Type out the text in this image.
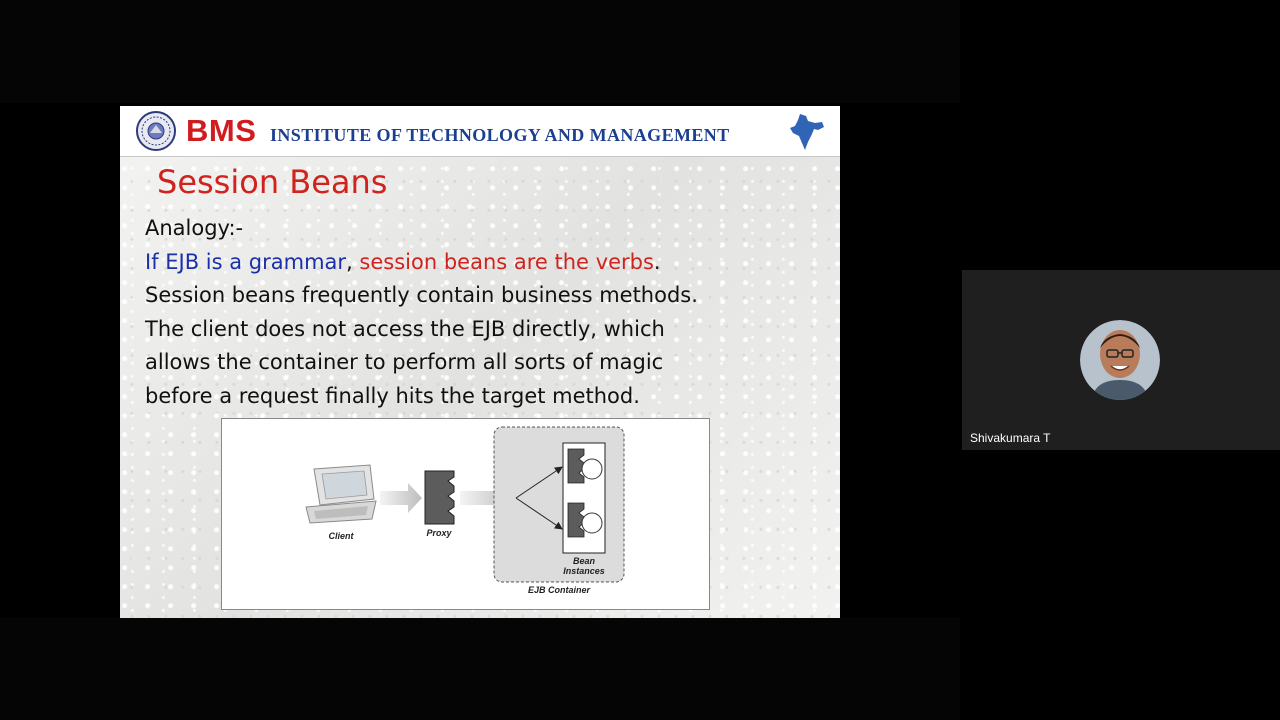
BMS INSTITUTE OF TECHNOLOGY AND MANAGEMENT
Session Beans
Analogy:-
If EJB is a grammar, session beans are the verbs.
Session beans frequently contain business methods.
The client does not access the EJB directly, which
allows the container to perform all sorts of magic
before a request finally hits the target method.
Client	Proxy
Bean
Instances
EJB Container
Shivakumara T
